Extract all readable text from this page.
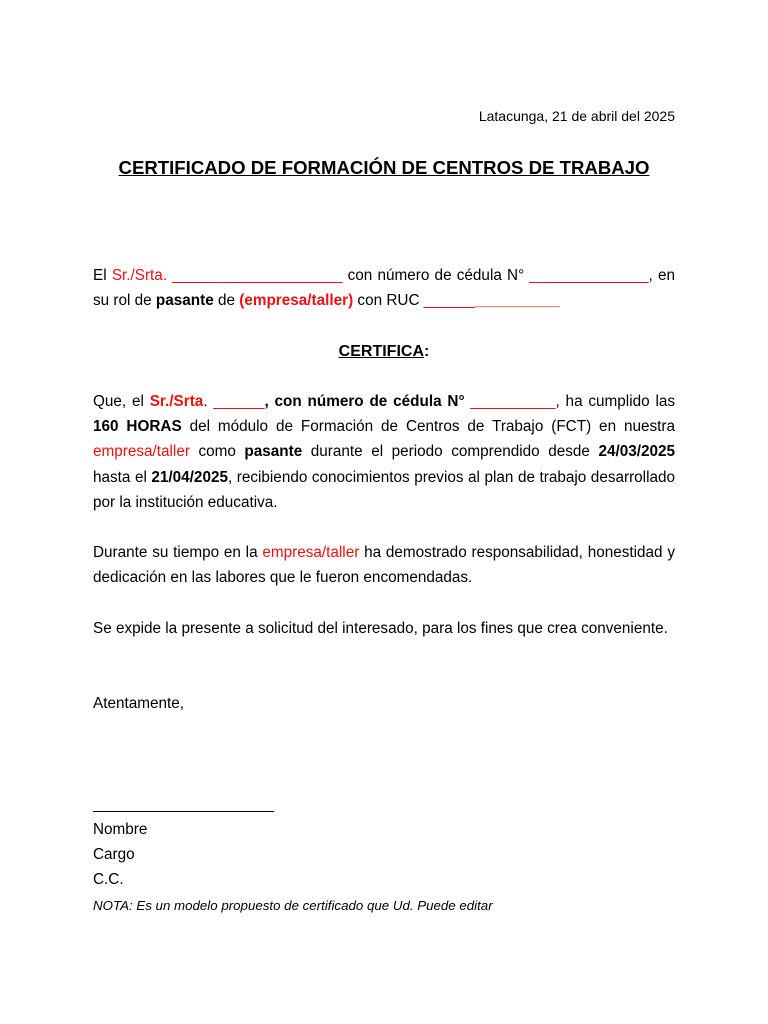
Latacunga, 21 de abril del 2025
CERTIFICADO DE FORMACIÓN DE CENTROS DE TRABAJO

El Sr./Srta. ____________________ con número de cédula N° ______________, en su rol de pasante de (empresa/taller) con RUC ________________

CERTIFICA:

Que, el Sr./Srta. ______, con número de cédula N° __________, ha cumplido las 160 HORAS del módulo de Formación de Centros de Trabajo (FCT) en nuestra empresa/taller como pasante durante el periodo comprendido desde 24/03/2025 hasta el 21/04/2025, recibiendo conocimientos previos al plan de trabajo desarrollado por la institución educativa.

Durante su tiempo en la empresa/taller ha demostrado responsabilidad, honestidad y dedicación en las labores que le fueron encomendadas.

Se expide la presente a solicitud del interesado, para los fines que crea conveniente.

Atentamente,
Nombre
Cargo
C.C.
NOTA: Es un modelo propuesto de certificado que Ud. Puede editar
